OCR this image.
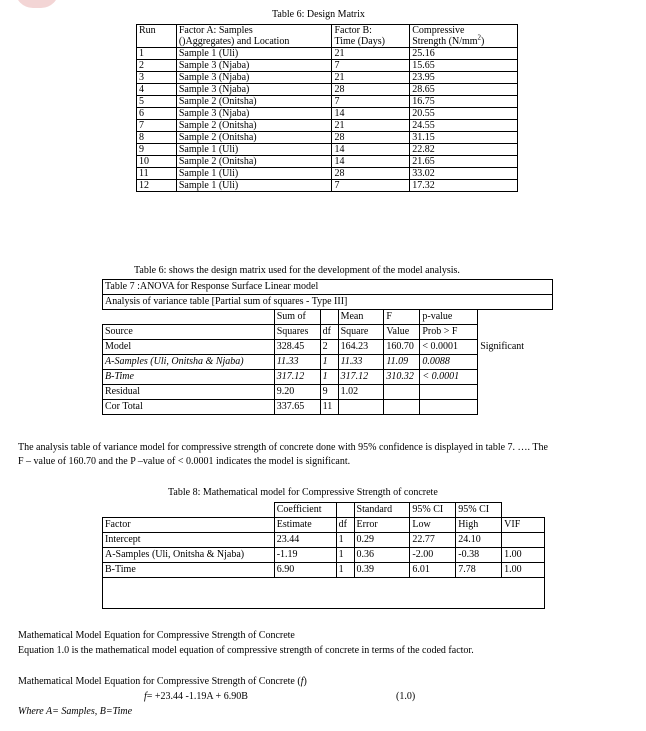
Table 6: Design Matrix
Run	Factor A: Samples	Factor B:	Compressive
	()Aggregates) and Location	Time (Days)	Strength $(N/mm^2)$
1	Sample 1 (Uli)	21	25.16
2	Sample 3 (Njaba)	7	15.65
3	Sample 3 (Njaba)	21	23.95
4	Sample 3 (Njaba)	28	28.65
5	Sample 2 (Onitsha)	7	16.75
6	Sample 3 (Njaba)	14	20.55
7	Sample 2 (Onitsha)	21	24.55
8	Sample 2 (Onitsha)	28	31.15
9	Sample 1 (Uli)	14	22.82
10	Sample 2 (Onitsha)	14	21.65
11	Sample 1 (Uli)	28	33.02
12	Sample 1 (Uli)	7	17.32
Table 6: shows the design matrix used for the development of the model analysis.
Table 7 :ANOVA for Response Surface Linear model						
Analysis of variance table [Partial sum of squares - Type III]						
	Sum of		Mean	F	p-value	
Source	Squares	df	Square	Value	Prob > F	
Model	328.45	2	164.23	160.70	< 0.0001	Significant
A-Samples (Uli, Onitsha & Njaba)	11.33	1	11.33	11.09	0.0088	
B-Time	317.12	1	317.12	310.32	< 0.0001	
Residual	9.20	9	1.02			
Cor Total	337.65	11				
The analysis table of variance model for compressive strength of concrete done with 95% confidence is displayed in table 7. …. The
F – value of 160.70 and the P –value of < 0.0001 indicates the model is significant.
Table 8: Mathematical model for Compressive Strength of concrete
	Coefficient		Standard	95% CI	95% CI	
Factor	Estimate	df	Error	Low	High	VIF
Intercept	23.44	1	0.29	22.77	24.10	
A-Samples (Uli, Onitsha & Njaba)	-1.19	1	0.36	-2.00	-0.38	1.00
B-Time	6.90	1	0.39	6.01	7.78	1.00

Mathematical Model Equation for Compressive Strength of Concrete
Equation 1.0 is the mathematical model equation of compressive strength of concrete in terms of the coded factor.
Mathematical Model Equation for Compressive Strength of Concrete (f)
f= +23.44 -1.19A + 6.90B	(1.0)
Where A= Samples, B=Time
